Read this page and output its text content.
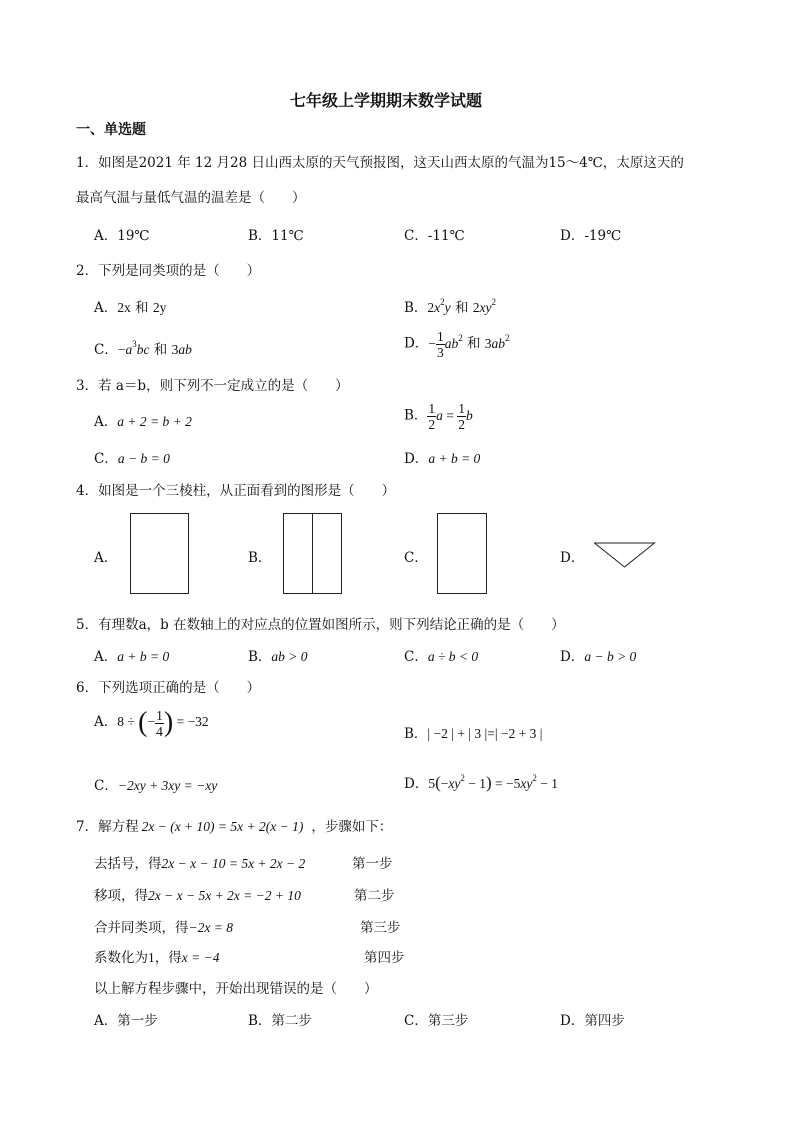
七年级上学期期末数学试题
一、单选题
1．如图是2021 年 12 月28 日山西太原的天气预报图，这天山西太原的气温为15～4℃，太原这天的
最高气温与量低气温的温差是（　　）
A．19℃	B．11℃	C．-11℃	D．-19℃
2．下列是同类项的是（　　）
A．2x 和 2y	B．$2x^2y$ 和 $2xy^2$
C．$-a^3bc$ 和 3ab	D．− $\frac{1}{3} ab^2$ 和 $3ab^2$
3．若 a＝b，则下列不一定成立的是（　　）
A．a + 2 = b + 2	B． $\frac{1}{2}$ $a = \frac{1}{2}$ b
C．a − b = 0	D．a + b = 0
4．如图是一个三棱柱，从正面看到的图形是（　　）
A．	B．	C．	D．
5．有理数a，b 在数轴上的对应点的位置如图所示，则下列结论正确的是（　　）
A．a + b = 0	B．ab > 0	C．a ÷ b < 0	D．a − b > 0
6．下列选项正确的是（　　）
A．8 ÷ (− $\frac{1}{4}$ ) = −32
B．| −2 | + | 3 |=| −2 + 3 |
C．−2xy + 3xy = −xy	D．$5(-xy^2 - 1) = -5xy^2 - 1$
7．解方程 2x − (x + 10) = 5x + 2(x − 1) ，步骤如下：
去括号，得2x − x − 10 = 5x + 2x − 2	第一步
移项，得2x − x − 5x + 2x = −2 + 10	第二步
合并同类项，得−2x = 8	第三步
系数化为1，得x = −4	第四步
以上解方程步骤中，开始出现错误的是（　　）
A．第一步	B．第二步	C．第三步	D．第四步
